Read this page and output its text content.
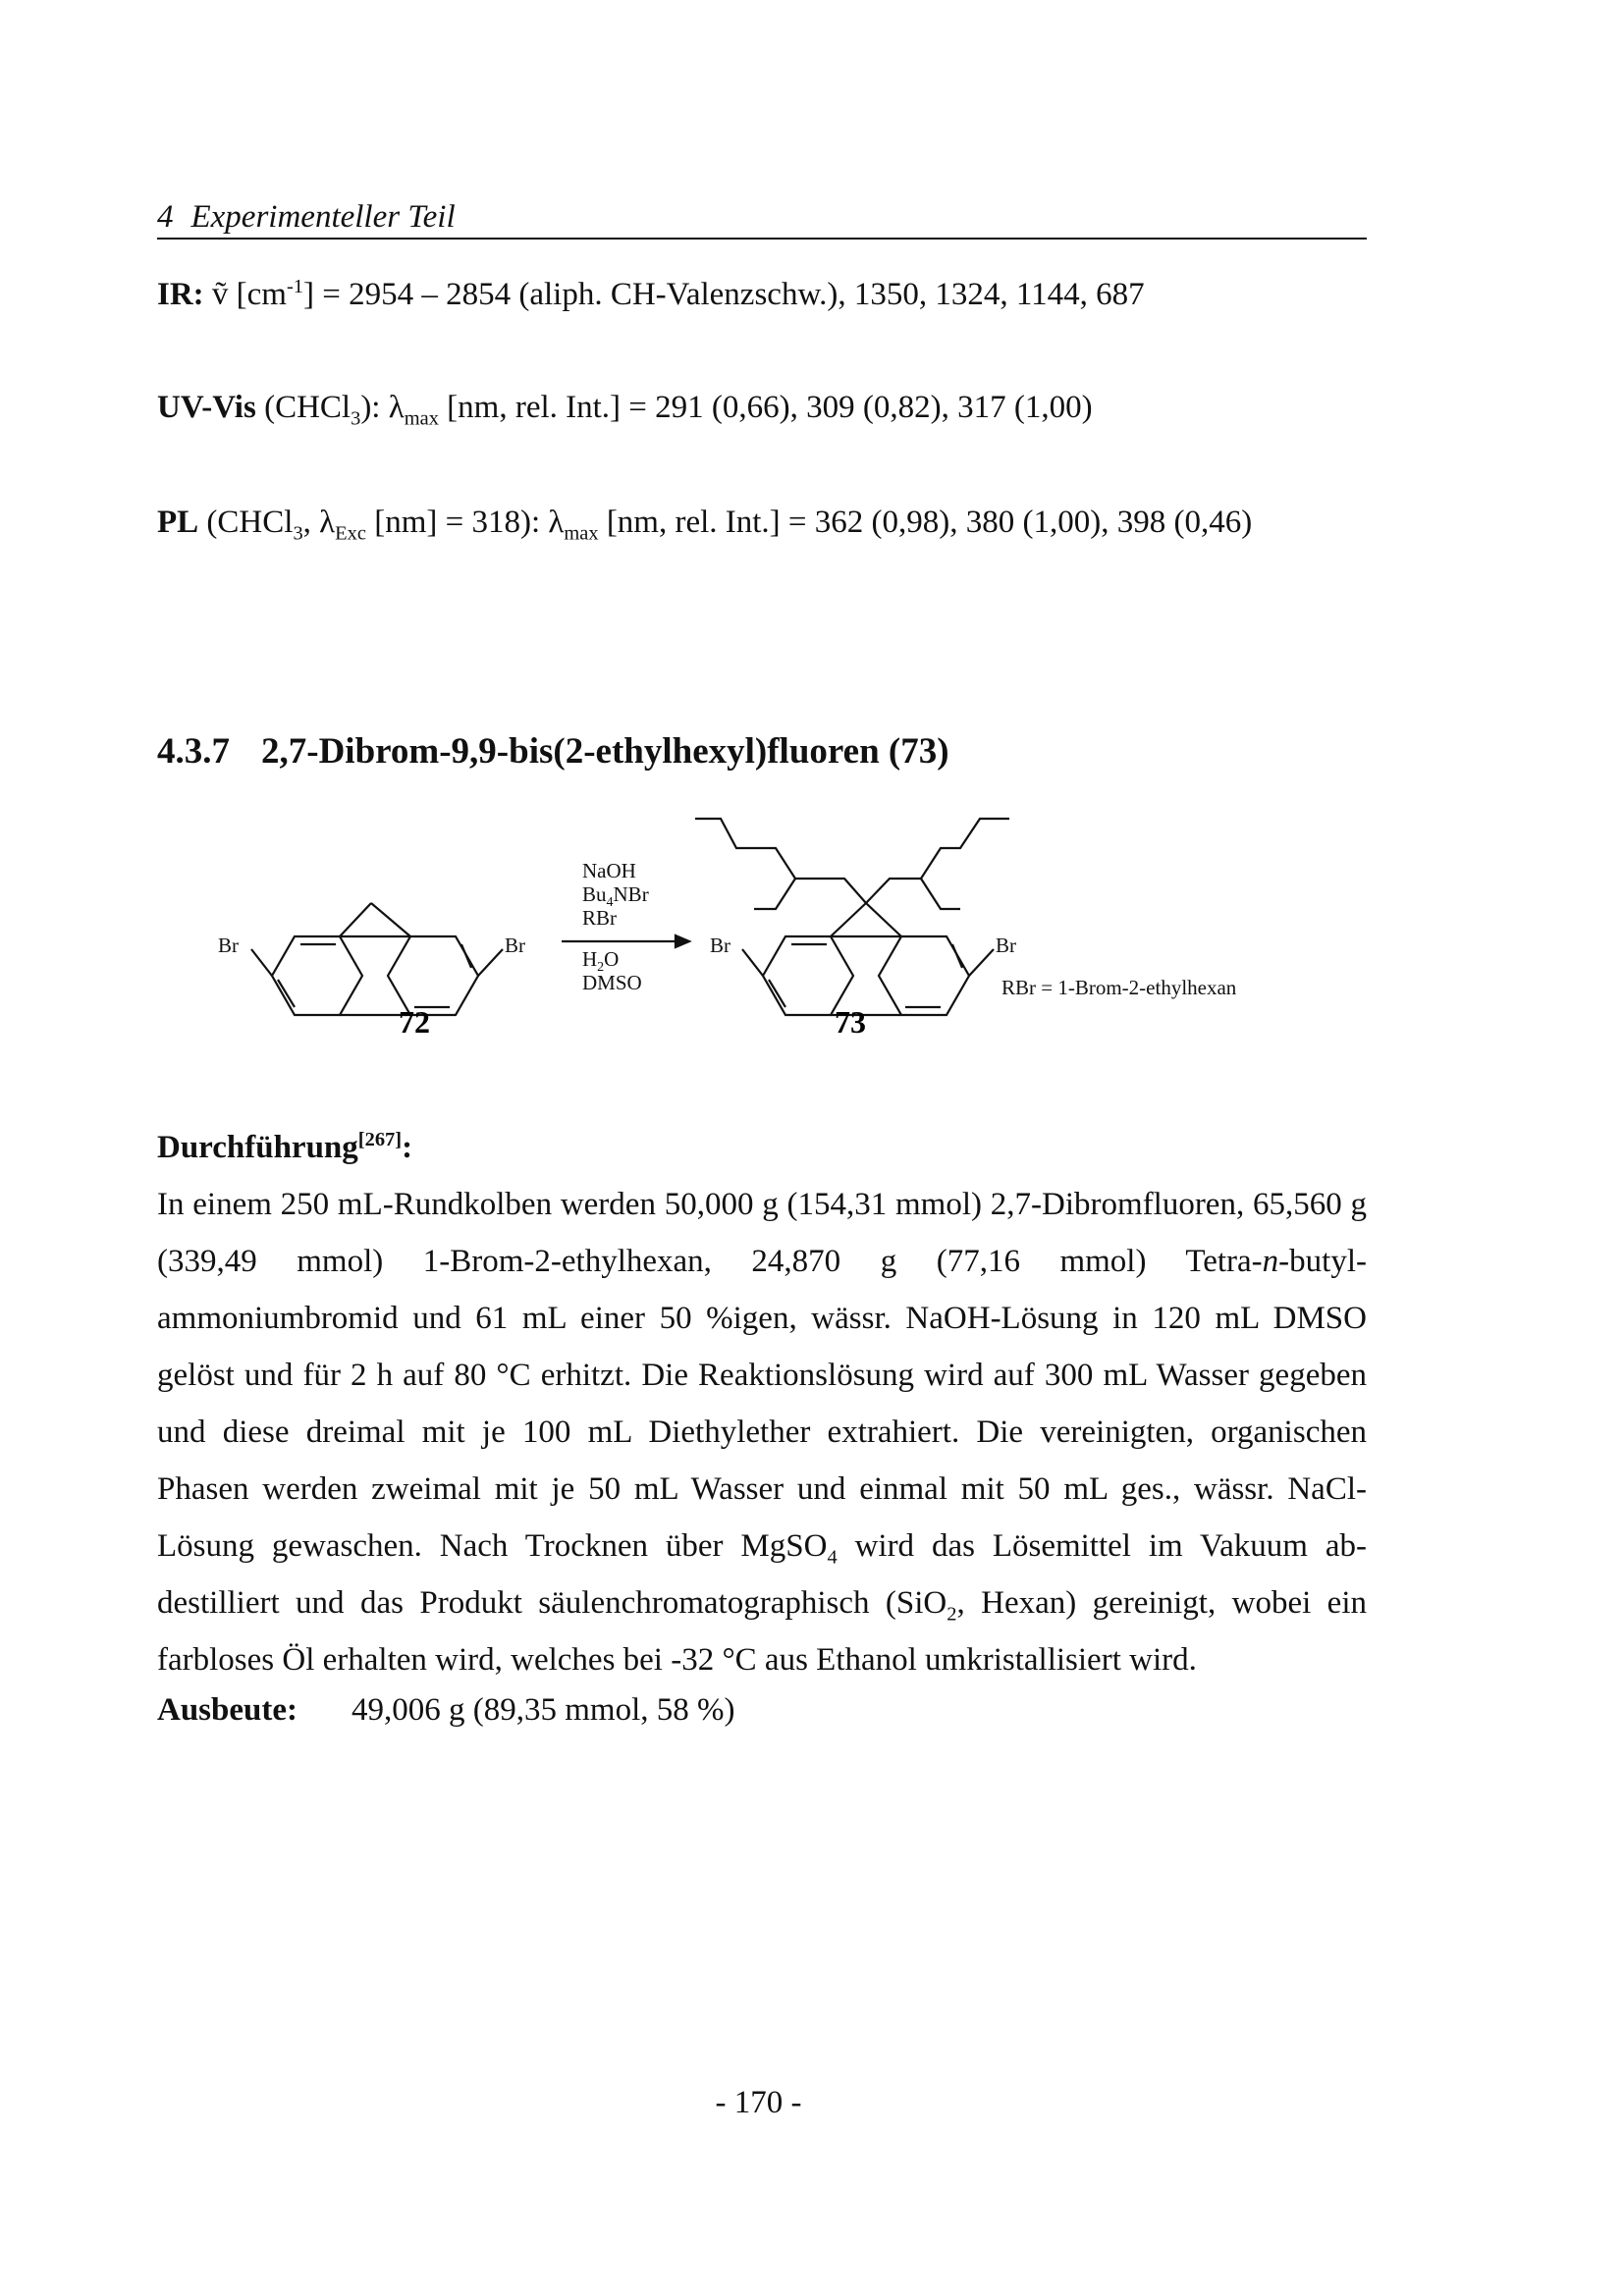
4 Experimenteller Teil
IR: ṽ $[cm^{-1}] = 2954 - 2854$ (aliph. CH-Valenzschw.), 1350, 1324, 1144, 687
UV-Vis (CHCl$_3$): $\lambda_{max}$ [nm, rel. Int.] = 291 (0,66), 309 (0,82), 317 (1,00)
PL (CHCl$_3$, $\lambda_{Exc}$ [nm] = 318): $\lambda_{max}$ [nm, rel. Int.] = 362 (0,98), 380 (1,00), 398 (0,46)
4.3.7 2,7-Dibrom-9,9-bis(2-ethylhexyl)fluoren (73)
Br	Br	Br	Br
NaOH
$Bu_4NBr$
RBr
$H_2O$
DMSO	RBr = 1-Brom-2-ethylhexan
72	73

Durchführung[267]:

In einem 250 mL-Rundkolben werden 50,000 g (154,31 mmol) 2,7-Dibromfluoren, 65,560 g (339,49 mmol) 1-Brom-2-ethylhexan, 24,870 g (77,16 mmol) Tetra-n-butyl-ammoniumbromid und 61 mL einer 50 %igen, wässr. NaOH-Lösung in 120 mL DMSO gelöst und für 2 h auf 80 °C erhitzt. Die Reaktionslösung wird auf 300 mL Wasser gegeben und diese dreimal mit je 100 mL Diethylether extrahiert. Die vereinigten, organischen Phasen werden zweimal mit je 50 mL Wasser und einmal mit 50 mL ges., wässr. NaCl-Lösung gewaschen. Nach Trocknen über MgSO$_4$ wird das Lösemittel im Vakuum ab-destilliert und das Produkt säulenchromatographisch (SiO$_2$, Hexan) gereinigt, wobei ein farbloses Öl erhalten wird, welches bei -32 °C aus Ethanol umkristallisiert wird.

Ausbeute: 49,006 g (89,35 mmol, 58 %)
- 170 -
